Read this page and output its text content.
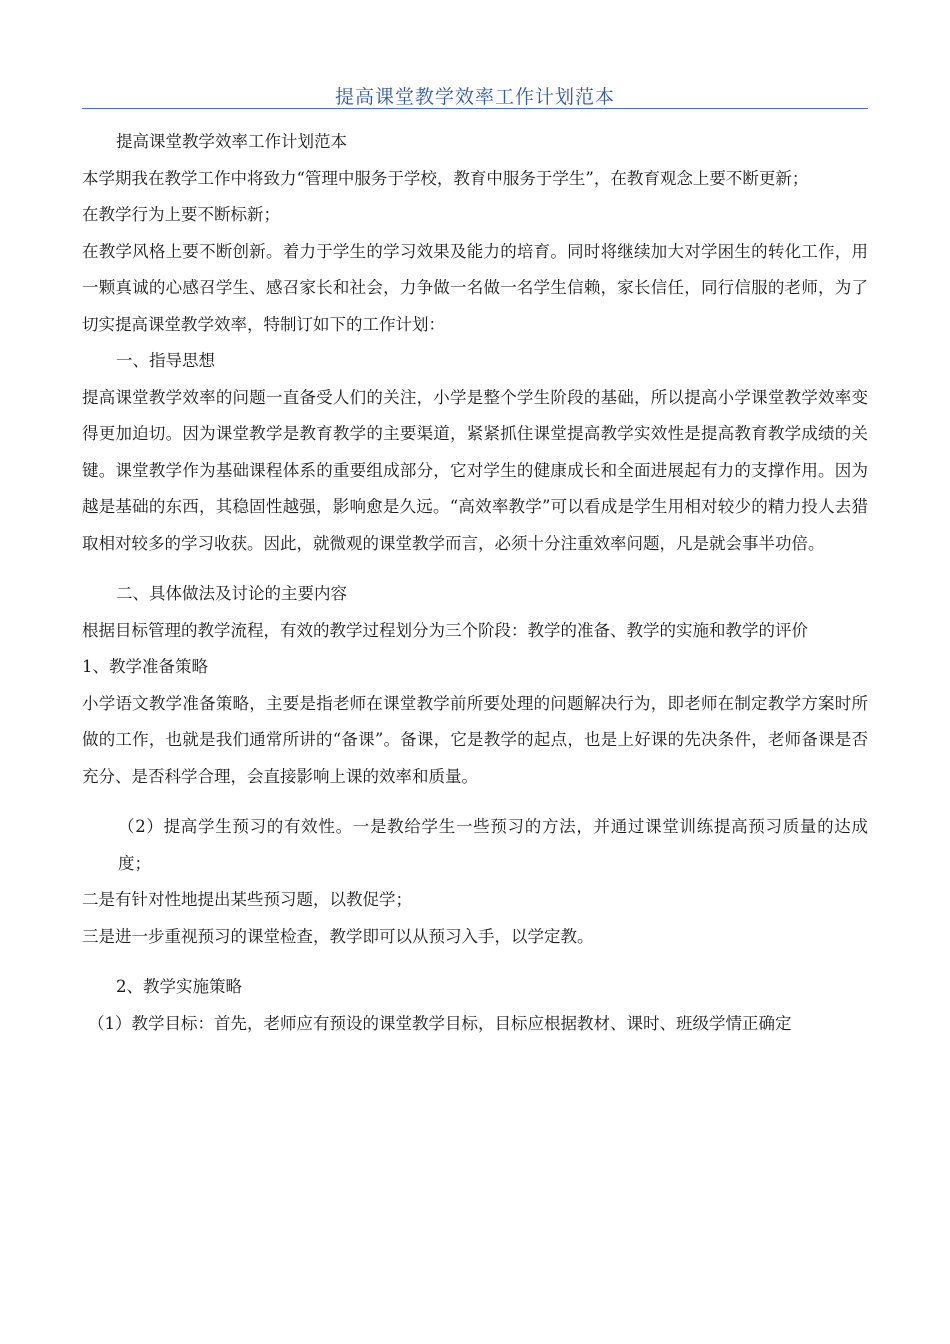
提高课堂教学效率工作计划范本

提高课堂教学效率工作计划范本

本学期我在教学工作中将致力“管理中服务于学校，教育中服务于学生”，在教育观念上要不断更新；

在教学行为上要不断标新；

在教学风格上要不断创新。着力于学生的学习效果及能力的培育。同时将继续加大对学困生的转化工作，用一颗真诚的心感召学生、感召家长和社会，力争做一名做一名学生信赖，家长信任，同行信服的老师，为了切实提高课堂教学效率，特制订如下的工作计划：

一、指导思想

提高课堂教学效率的问题一直备受人们的关注，小学是整个学生阶段的基础，所以提高小学课堂教学效率变得更加迫切。因为课堂教学是教育教学的主要渠道，紧紧抓住课堂提高教学实效性是提高教育教学成绩的关键。课堂教学作为基础课程体系的重要组成部分，它对学生的健康成长和全面进展起有力的支撑作用。因为越是基础的东西，其稳固性越强，影响愈是久远。“高效率教学”可以看成是学生用相对较少的精力投人去猎取相对较多的学习收获。因此，就微观的课堂教学而言，必须十分注重效率问题，凡是就会事半功倍。

二、具体做法及讨论的主要内容

根据目标管理的教学流程，有效的教学过程划分为三个阶段：教学的准备、教学的实施和教学的评价

1、教学准备策略

小学语文教学准备策略，主要是指老师在课堂教学前所要处理的问题解决行为，即老师在制定教学方案时所做的工作，也就是我们通常所讲的“备课”。备课，它是教学的起点，也是上好课的先决条件，老师备课是否充分、是否科学合理，会直接影响上课的效率和质量。

（2）提高学生预习的有效性。一是教给学生一些预习的方法，并通过课堂训练提高预习质量的达成度；

二是有针对性地提出某些预习题，以教促学；

三是进一步重视预习的课堂检查，教学即可以从预习入手，以学定教。

2、教学实施策略

（1）教学目标：首先，老师应有预设的课堂教学目标，目标应根据教材、课时、班级学情正确定
